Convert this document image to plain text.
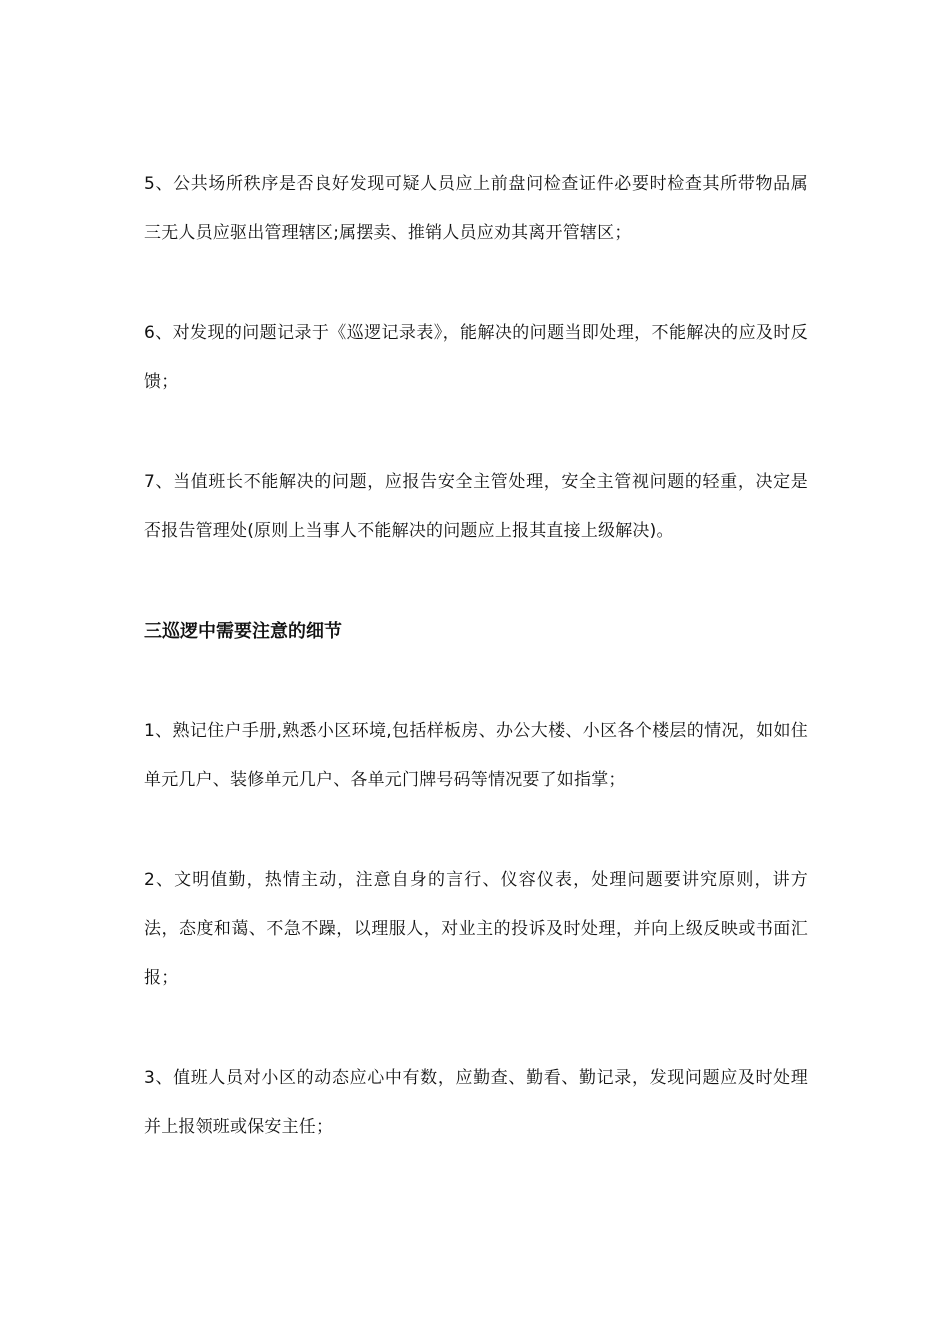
5、公共场所秩序是否良好发现可疑人员应上前盘问检查证件必要时检查其所带物品属三无人员应驱出管理辖区;属摆卖、推销人员应劝其离开管辖区；

6、对发现的问题记录于《巡逻记录表》，能解决的问题当即处理，不能解决的应及时反馈；

7、当值班长不能解决的问题，应报告安全主管处理，安全主管视问题的轻重，决定是否报告管理处(原则上当事人不能解决的问题应上报其直接上级解决)。

三巡逻中需要注意的细节

1、熟记住户手册,熟悉小区环境,包括样板房、办公大楼、小区各个楼层的情况，如如住单元几户、装修单元几户、各单元门牌号码等情况要了如指掌；

2、文明值勤，热情主动，注意自身的言行、仪容仪表，处理问题要讲究原则，讲方法，态度和蔼、不急不躁，以理服人，对业主的投诉及时处理，并向上级反映或书面汇报；

3、值班人员对小区的动态应心中有数，应勤查、勤看、勤记录，发现问题应及时处理并上报领班或保安主任；
